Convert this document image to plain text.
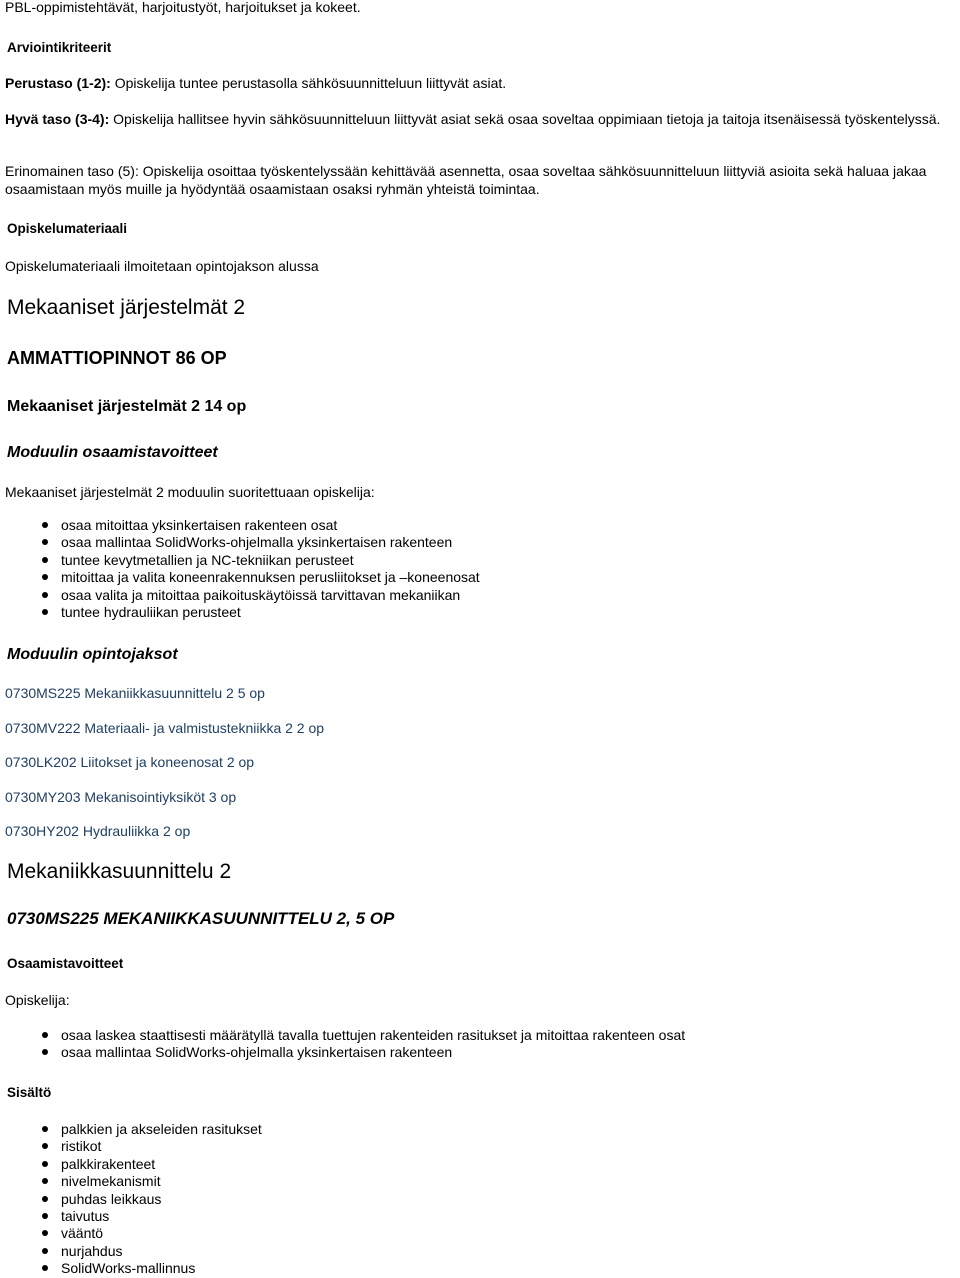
PBL-oppimistehtävät, harjoitustyöt, harjoitukset ja kokeet.

Arviointikriteerit

Perustaso (1-2): Opiskelija tuntee perustasolla sähkösuunnitteluun liittyvät asiat.

Hyvä taso (3-4): Opiskelija hallitsee hyvin sähkösuunnitteluun liittyvät asiat sekä osaa soveltaa oppimiaan tietoja ja taitoja itsenäisessä työskentelyssä.

Erinomainen taso (5): Opiskelija osoittaa työskentelyssään kehittävää asennetta, osaa soveltaa sähkösuunnitteluun liittyviä asioita sekä haluaa jakaa osaamistaan myös muille ja hyödyntää osaamistaan osaksi ryhmän yhteistä toimintaa.

Opiskelumateriaali

Opiskelumateriaali ilmoitetaan opintojakson alussa

Mekaaniset järjestelmät 2
AMMATTIOPINNOT 86 OP
Mekaaniset järjestelmät 2 14 op
Moduulin osaamistavoitteet

Mekaaniset järjestelmät 2 moduulin suoritettuaan opiskelija:

osaa mitoittaa yksinkertaisen rakenteen osat
osaa mallintaa SolidWorks-ohjelmalla yksinkertaisen rakenteen
tuntee kevytmetallien ja NC-tekniikan perusteet
mitoittaa ja valita koneenrakennuksen perusliitokset ja –koneenosat
osaa valita ja mitoittaa paikoituskäytöissä tarvittavan mekaniikan
tuntee hydrauliikan perusteet
Moduulin opintojaksot
0730MS225 Mekaniikkasuunnittelu 2 5 op
0730MV222 Materiaali- ja valmistustekniikka 2 2 op
0730LK202 Liitokset ja koneenosat 2 op
0730MY203 Mekanisointiyksiköt 3 op
0730HY202 Hydrauliikka 2 op
Mekaniikkasuunnittelu 2
0730MS225 MEKANIIKKASUUNNITTELU 2, 5 OP

Osaamistavoitteet

Opiskelija:

osaa laskea staattisesti määrätyllä tavalla tuettujen rakenteiden rasitukset ja mitoittaa rakenteen osat
osaa mallintaa SolidWorks-ohjelmalla yksinkertaisen rakenteen

Sisältö

palkkien ja akseleiden rasitukset
ristikot
palkkirakenteet
nivelmekanismit
puhdas leikkaus
taivutus
vääntö
nurjahdus
SolidWorks-mallinnus
